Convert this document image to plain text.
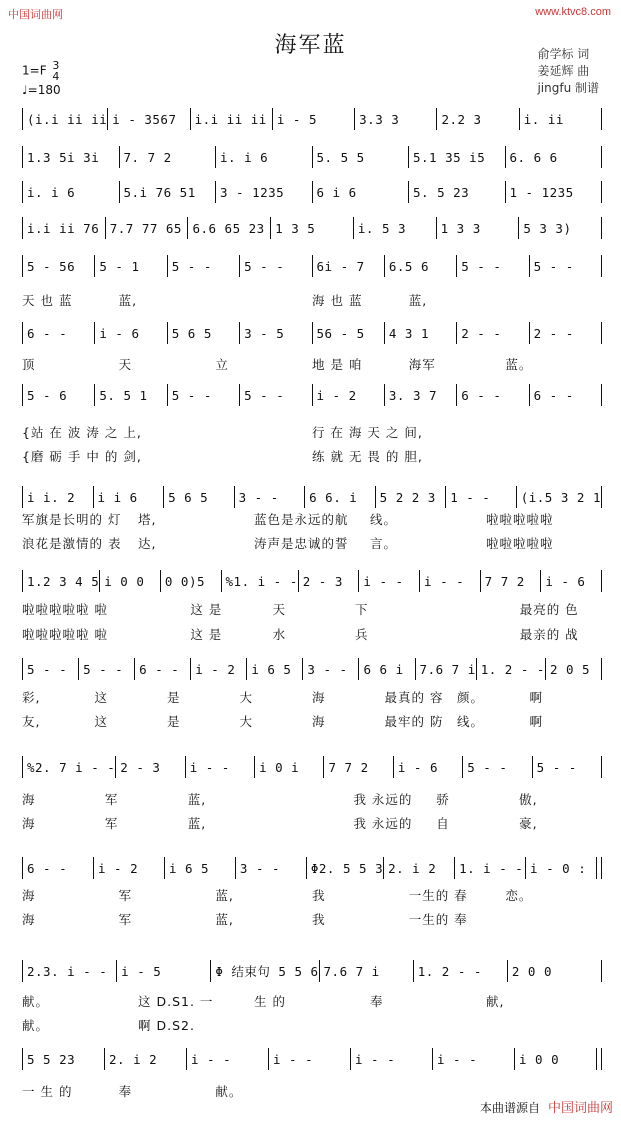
中国词曲网	www.ktvc8.com
海军蓝	俞学标 词
姜延辉 曲
jingfu 制谱
1=F 3
4
♩=180
(i.i ii ii i - 3567	i.i ii ii i - 5	3.3 3	2.2 3	i. ii
1.3 5i 3i	7. 7 2	i. i 6	5. 5 5	5.1 35 i5	6. 6 6
i. i 6	5.i 76 51	3 - 1235	6 i 6	5. 5 23	1 - 1235
i.i ii 76 7.7 77 65 6.6 65 23 1 3 5	i. 5 3	1 3 3	5 3 3)
5 - 56	5 - 1	5 - -	5 - -	6i - 7	6.5 6	5 - -	5 - -
天 也 蓝	蓝,	海 也 蓝	蓝,
6 - -	i - 6	5 6 5	3 - 5	56 - 5	4 3 1	2 - -	2 - -
顶	天	立	地 是 咱	海军	蓝。
5 - 6	5. 5 1	5 - -	5 - -	i - 2	3. 3 7	6 - -	6 - -
{站 在 波 涛 之 上,	行 在 海 天 之 间,
{磨 砺 手 中 的 剑,	练 就 无 畏 的 胆,
i i. 2	i i 6	5 6 5	3 - -	6 6. i	5 2 2 3	1 - -	(i.5 3 2 1
军旗是长明的 灯	塔,	蓝色是永远的航	线。	啦啦啦啦啦
浪花是激情的 表	达,	涛声是忠诚的誓	言。	啦啦啦啦啦
1.2 3 4 5 i 0 0	0 0)5	%1. i - - 2 - 3	i - -	i - -	7 7 2	i - 6
啦啦啦啦啦 啦	这 是	天	下	最亮的 色
啦啦啦啦啦 啦	这 是	水	兵	最亲的 战
5 - -	5 - -	6 - -	i - 2	i 6 5	3 - -	6 6 i	7.6 7 i 1. 2 - - 2 0 5
彩,	这	是	大	海	最真的 容	颜。	啊
友,	这	是	大	海	最牢的 防	线。	啊
%2. 7 i - - 2 - 3	i - -	i 0 i	7 7 2	i - 6	5 - -	5 - -
海	军	蓝,	我 永远的	骄	傲,
海	军	蓝,	我 永远的	自	豪,
6 - -	i - 2	i 6 5	3 - -	Φ2. 5 5 3 2. i 2	1. i - - i - 0 :
海	军	蓝,	我	一生的 春	恋。
海	军	蓝,	我	一生的 奉
2.3. i - -	i - 5	Φ 结束句 5 5 6 7.6 7 i	1. 2 - -	2 0 0
献。	这 D.S1. 一	生 的	奉	献,
献。	啊 D.S2.
5 5 23	2. i 2	i - -	i - -	i - -	i - -	i 0 0
一 生 的	奉	献。
本曲谱源自 中国词曲网
